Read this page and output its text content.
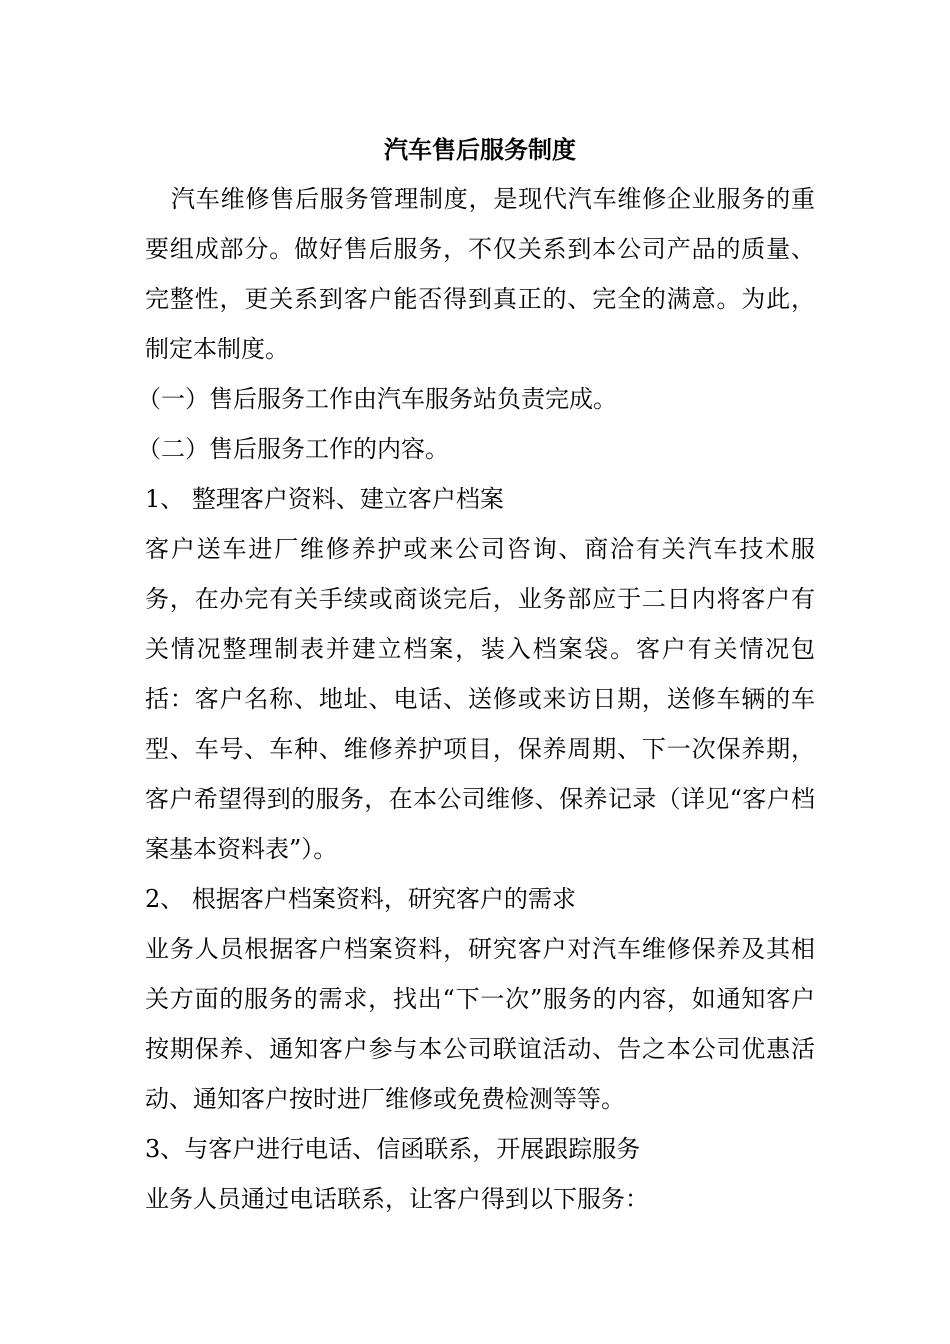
汽车售后服务制度

汽车维修售后服务管理制度，是现代汽车维修企业服务的重要组成部分。做好售后服务，不仅关系到本公司产品的质量、完整性，更关系到客户能否得到真正的、完全的满意。为此，制定本制度。

（一）售后服务工作由汽车服务站负责完成。

（二）售后服务工作的内容。

1、 整理客户资料、建立客户档案

客户送车进厂维修养护或来公司咨询、商洽有关汽车技术服务，在办完有关手续或商谈完后，业务部应于二日内将客户有关情况整理制表并建立档案，装入档案袋。客户有关情况包括：客户名称、地址、电话、送修或来访日期，送修车辆的车型、车号、车种、维修养护项目，保养周期、下一次保养期，客户希望得到的服务，在本公司维修、保养记录（详见“客户档案基本资料表”）。

2、 根据客户档案资料，研究客户的需求

业务人员根据客户档案资料，研究客户对汽车维修保养及其相关方面的服务的需求，找出“下一次”服务的内容，如通知客户按期保养、通知客户参与本公司联谊活动、告之本公司优惠活动、通知客户按时进厂维修或免费检测等等。

3、与客户进行电话、信函联系，开展跟踪服务

业务人员通过电话联系，让客户得到以下服务：
